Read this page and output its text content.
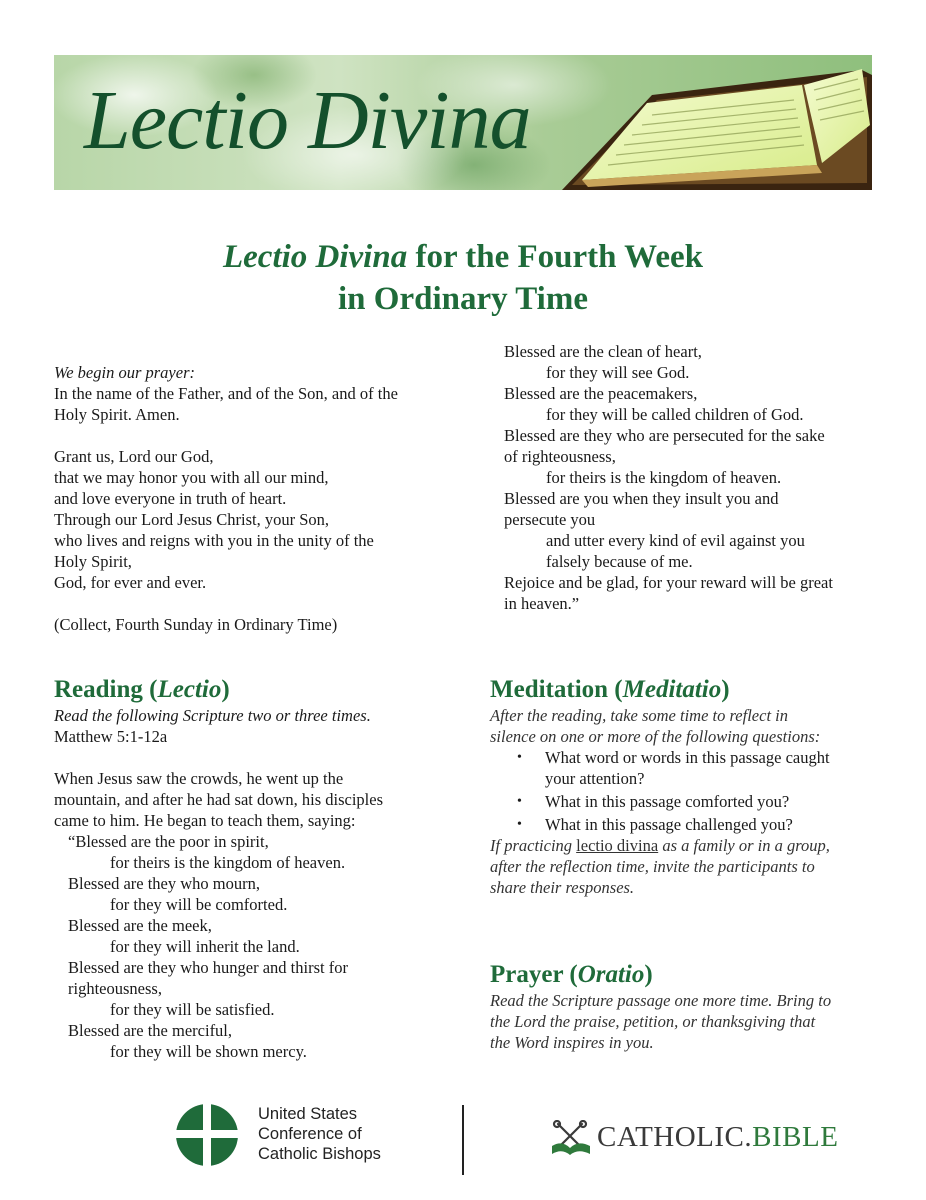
Lectio Divina
Lectio Divina for the Fourth Week
in Ordinary Time

We begin our prayer:

In the name of the Father, and of the Son, and of the

Holy Spirit. Amen.

Grant us, Lord our God,

that we may honor you with all our mind,

and love everyone in truth of heart.

Through our Lord Jesus Christ, your Son,

who lives and reigns with you in the unity of the

Holy Spirit,

God, for ever and ever.

(Collect, Fourth Sunday in Ordinary Time)

Blessed are the clean of heart,

for they will see God.

Blessed are the peacemakers,

for they will be called children of God.

Blessed are they who are persecuted for the sake

of righteousness,

for theirs is the kingdom of heaven.

Blessed are you when they insult you and

persecute you

and utter every kind of evil against you

falsely because of me.

Rejoice and be glad, for your reward will be great

in heaven.”

Reading (Lectio)

Read the following Scripture two or three times.

Matthew 5:1-12a

When Jesus saw the crowds, he went up the

mountain, and after he had sat down, his disciples

came to him. He began to teach them, saying:

“Blessed are the poor in spirit,

for theirs is the kingdom of heaven.

Blessed are they who mourn,

for they will be comforted.

Blessed are the meek,

for they will inherit the land.

Blessed are they who hunger and thirst for

righteousness,

for they will be satisfied.

Blessed are the merciful,

for they will be shown mercy.

Meditation (Meditatio)

After the reading, take some time to reflect in

silence on one or more of the following questions:

• What word or words in this passage caught
your attention?
• What in this passage comforted you?
• What in this passage challenged you?

If practicing lectio divina as a family or in a group,

after the reflection time, invite the participants to

share their responses.

Prayer (Oratio)

Read the Scripture passage one more time. Bring to

the Lord the praise, petition, or thanksgiving that

the Word inspires in you.

United States
Conference of
Catholic Bishops
CATHOLIC.BIBLE
